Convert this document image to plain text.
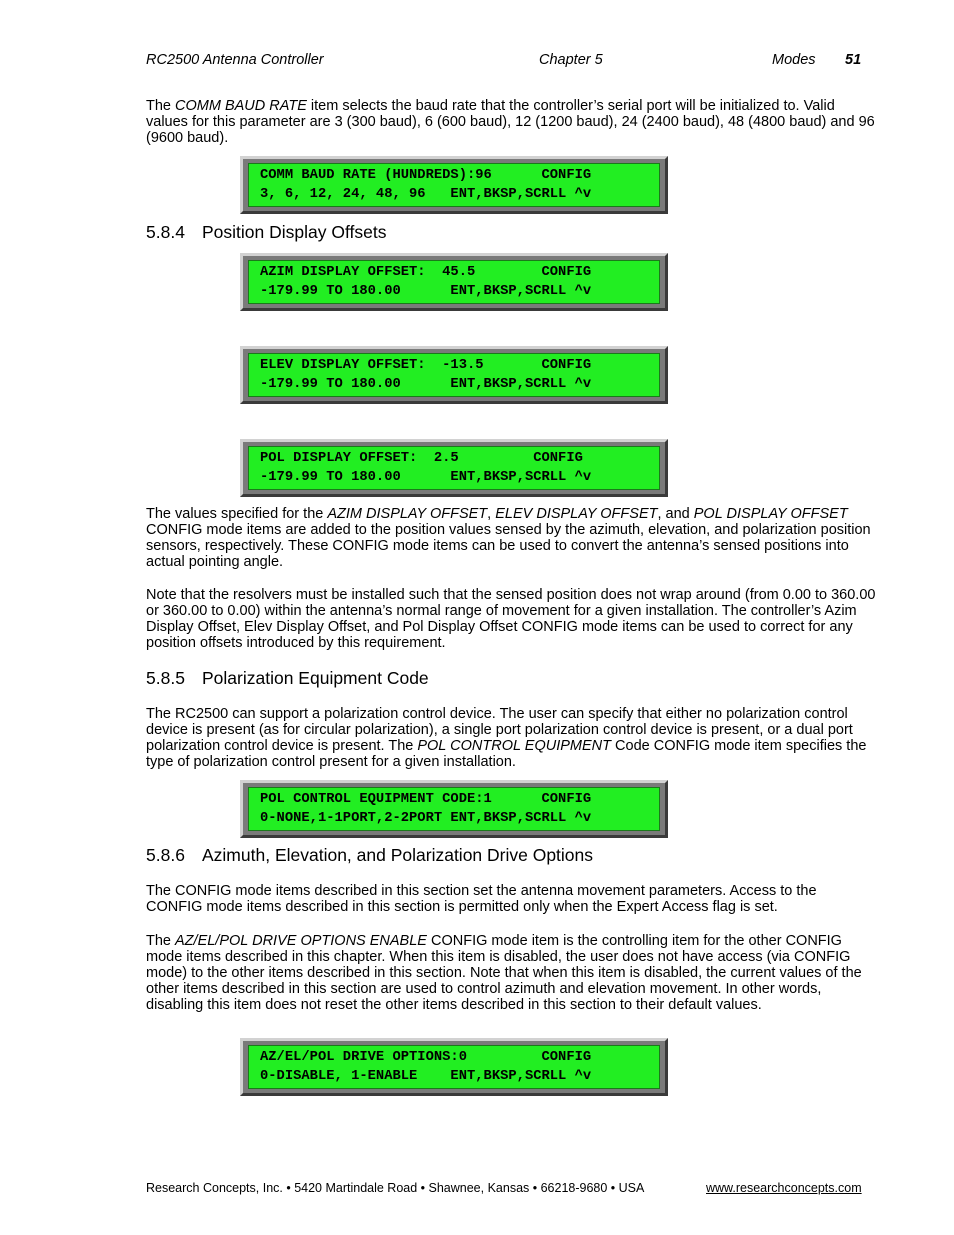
RC2500 Antenna Controller	Chapter 5	Modes 51

The COMM BAUD RATE item selects the baud rate that the controller’s serial port will be initialized to. Valid values for this parameter are 3 (300 baud), 6 (600 baud), 12 (1200 baud), 24 (2400 baud), 48 (4800 baud) and 96 (9600 baud).

COMM BAUD RATE (HUNDREDS):96      CONFIG
3, 6, 12, 24, 48, 96   ENT,BKSP,SCRLL ^v
5.8.4 Position Display Offsets
AZIM DISPLAY OFFSET:  45.5        CONFIG
-179.99 TO 180.00      ENT,BKSP,SCRLL ^v
ELEV DISPLAY OFFSET:  -13.5       CONFIG
-179.99 TO 180.00      ENT,BKSP,SCRLL ^v
POL DISPLAY OFFSET:  2.5         CONFIG
-179.99 TO 180.00      ENT,BKSP,SCRLL ^v

The values specified for the AZIM DISPLAY OFFSET, ELEV DISPLAY OFFSET, and POL DISPLAY OFFSET CONFIG mode items are added to the position values sensed by the azimuth, elevation, and polarization position sensors, respectively. These CONFIG mode items can be used to convert the antenna’s sensed positions into actual pointing angle.

Note that the resolvers must be installed such that the sensed position does not wrap around (from 0.00 to 360.00 or 360.00 to 0.00) within the antenna’s normal range of movement for a given installation. The controller’s Azim Display Offset, Elev Display Offset, and Pol Display Offset CONFIG mode items can be used to correct for any position offsets introduced by this requirement.

5.8.5 Polarization Equipment Code

The RC2500 can support a polarization control device. The user can specify that either no polarization control device is present (as for circular polarization), a single port polarization control device is present, or a dual port polarization control device is present. The POL CONTROL EQUIPMENT Code CONFIG mode item specifies the type of polarization control present for a given installation.

POL CONTROL EQUIPMENT CODE:1      CONFIG
0-NONE,1-1PORT,2-2PORT ENT,BKSP,SCRLL ^v
5.8.6 Azimuth, Elevation, and Polarization Drive Options

The CONFIG mode items described in this section set the antenna movement parameters. Access to the CONFIG mode items described in this section is permitted only when the Expert Access flag is set.

The AZ/EL/POL DRIVE OPTIONS ENABLE CONFIG mode item is the controlling item for the other CONFIG mode items described in this chapter. When this item is disabled, the user does not have access (via CONFIG mode) to the other items described in this section. Note that when this item is disabled, the current values of the other items described in this section are used to control azimuth and elevation movement. In other words, disabling this item does not reset the other items described in this section to their default values.

AZ/EL/POL DRIVE OPTIONS:0         CONFIG
0-DISABLE, 1-ENABLE    ENT,BKSP,SCRLL ^v
Research Concepts, Inc. • 5420 Martindale Road • Shawnee, Kansas • 66218-9680 • USA	www.researchconcepts.com
